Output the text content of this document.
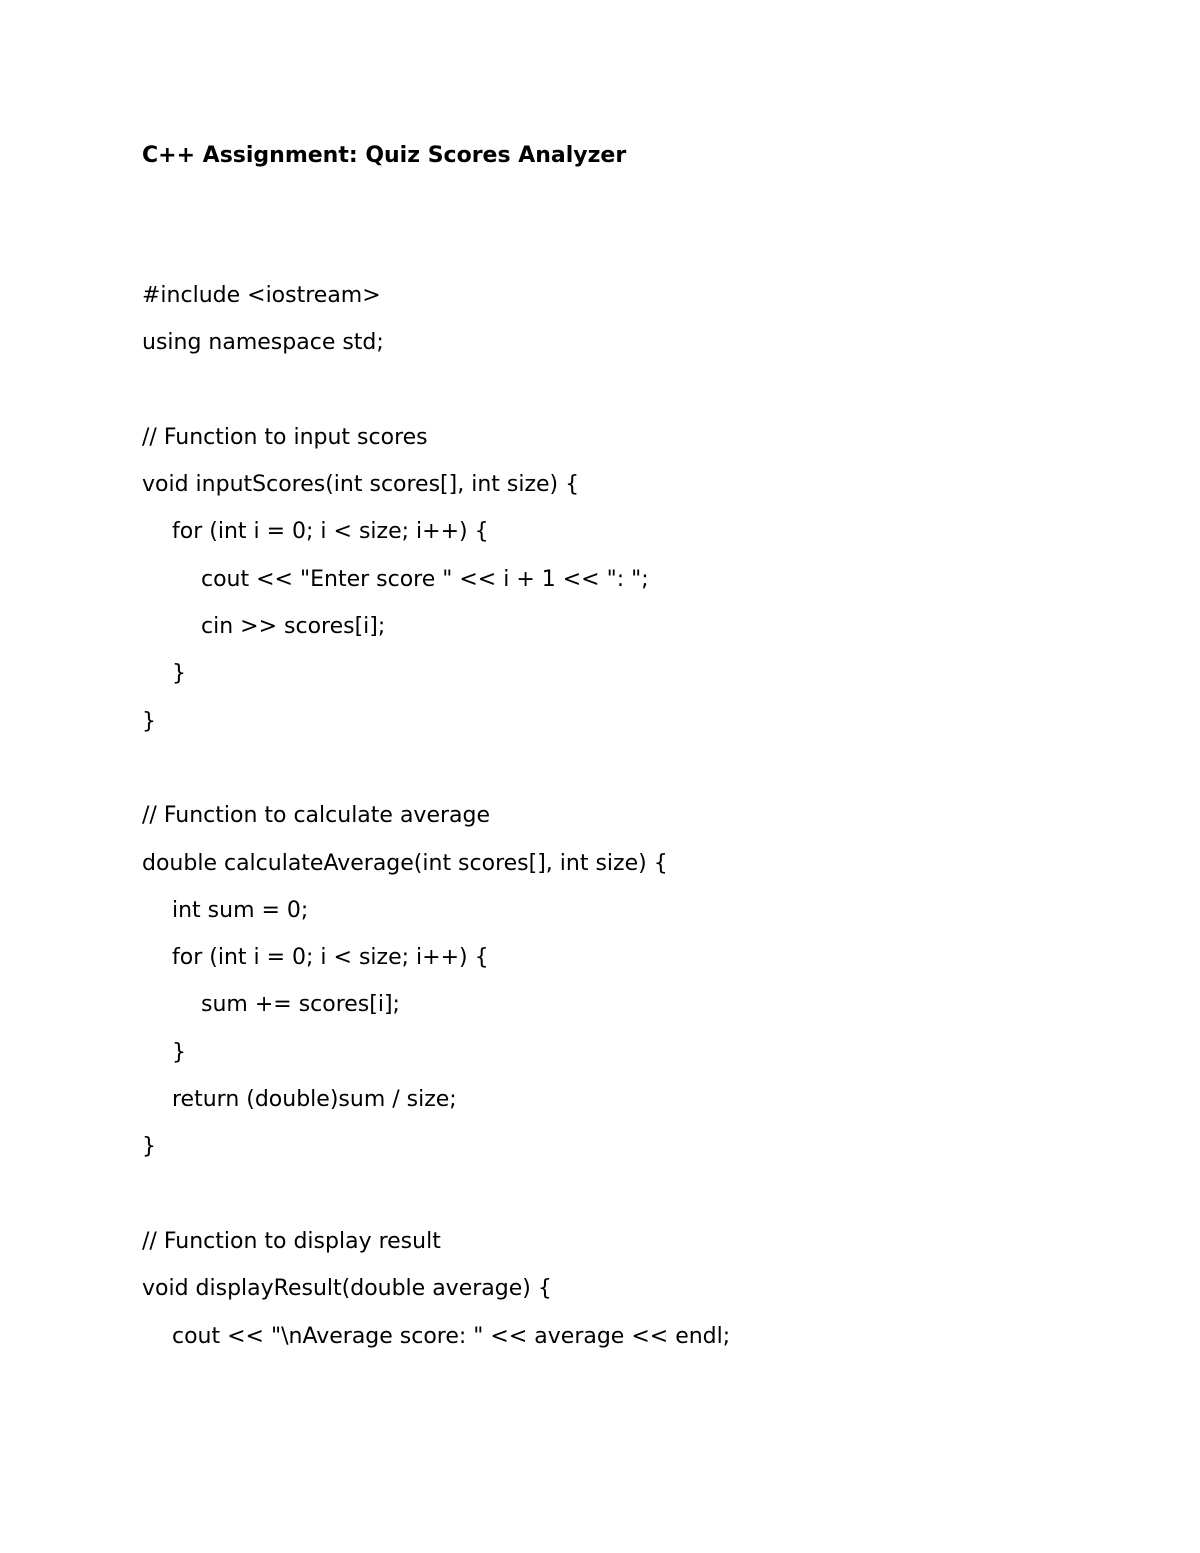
C++ Assignment: Quiz Scores Analyzer
#include <iostream>
using namespace std;
// Function to input scores
void inputScores(int scores[], int size) {
for (int i = 0; i < size; i++) {
cout << "Enter score " << i + 1 << ": ";
cin >> scores[i];
}
}
// Function to calculate average
double calculateAverage(int scores[], int size) {
int sum = 0;
for (int i = 0; i < size; i++) {
sum += scores[i];
}
return (double)sum / size;
}
// Function to display result
void displayResult(double average) {
cout << "\nAverage score: " << average << endl;
